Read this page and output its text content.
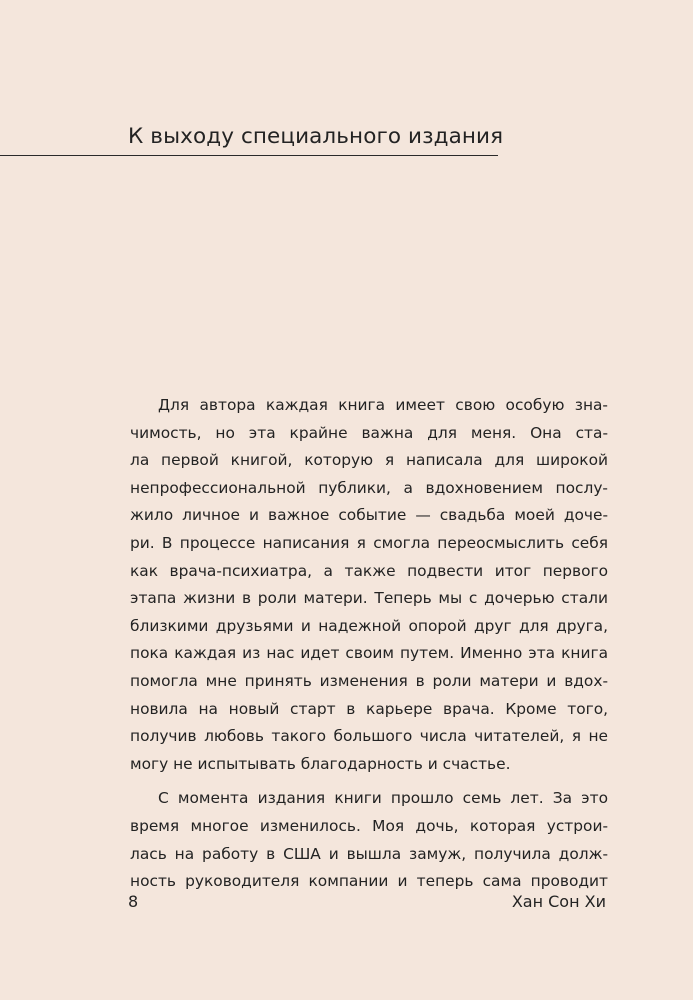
К выходу специального издания
Для автора каждая книга имеет свою особую зна-
чимость, но эта крайне важна для меня. Она ста-
ла первой книгой, которую я написала для широкой
непрофессиональной публики, а вдохновением послу-
жило личное и важное событие — свадьба моей дoче-
ри. В процессе написания я смогла переосмыслить себя
как врача-психиатра, а также подвести итог первого
этапа жизни в роли матери. Теперь мы с дочерью стали
близкими друзьями и надежной опорой друг для друга,
пока каждая из нас идет своим путем. Именно эта книга
помогла мне принять изменения в роли матери и вдох-
новила на новый старт в карьере врача. Кроме того,
получив любовь такого большого числа читателей, я не
могу не испытывать благодарность и счастье.
С момента издания книги прошло семь лет. За это
время многое изменилось. Моя дочь, которая устрои-
лась на работу в США и вышла замуж, получила долж-
ность руководителя компании и теперь сама проводит
8	Хан Сон Хи
